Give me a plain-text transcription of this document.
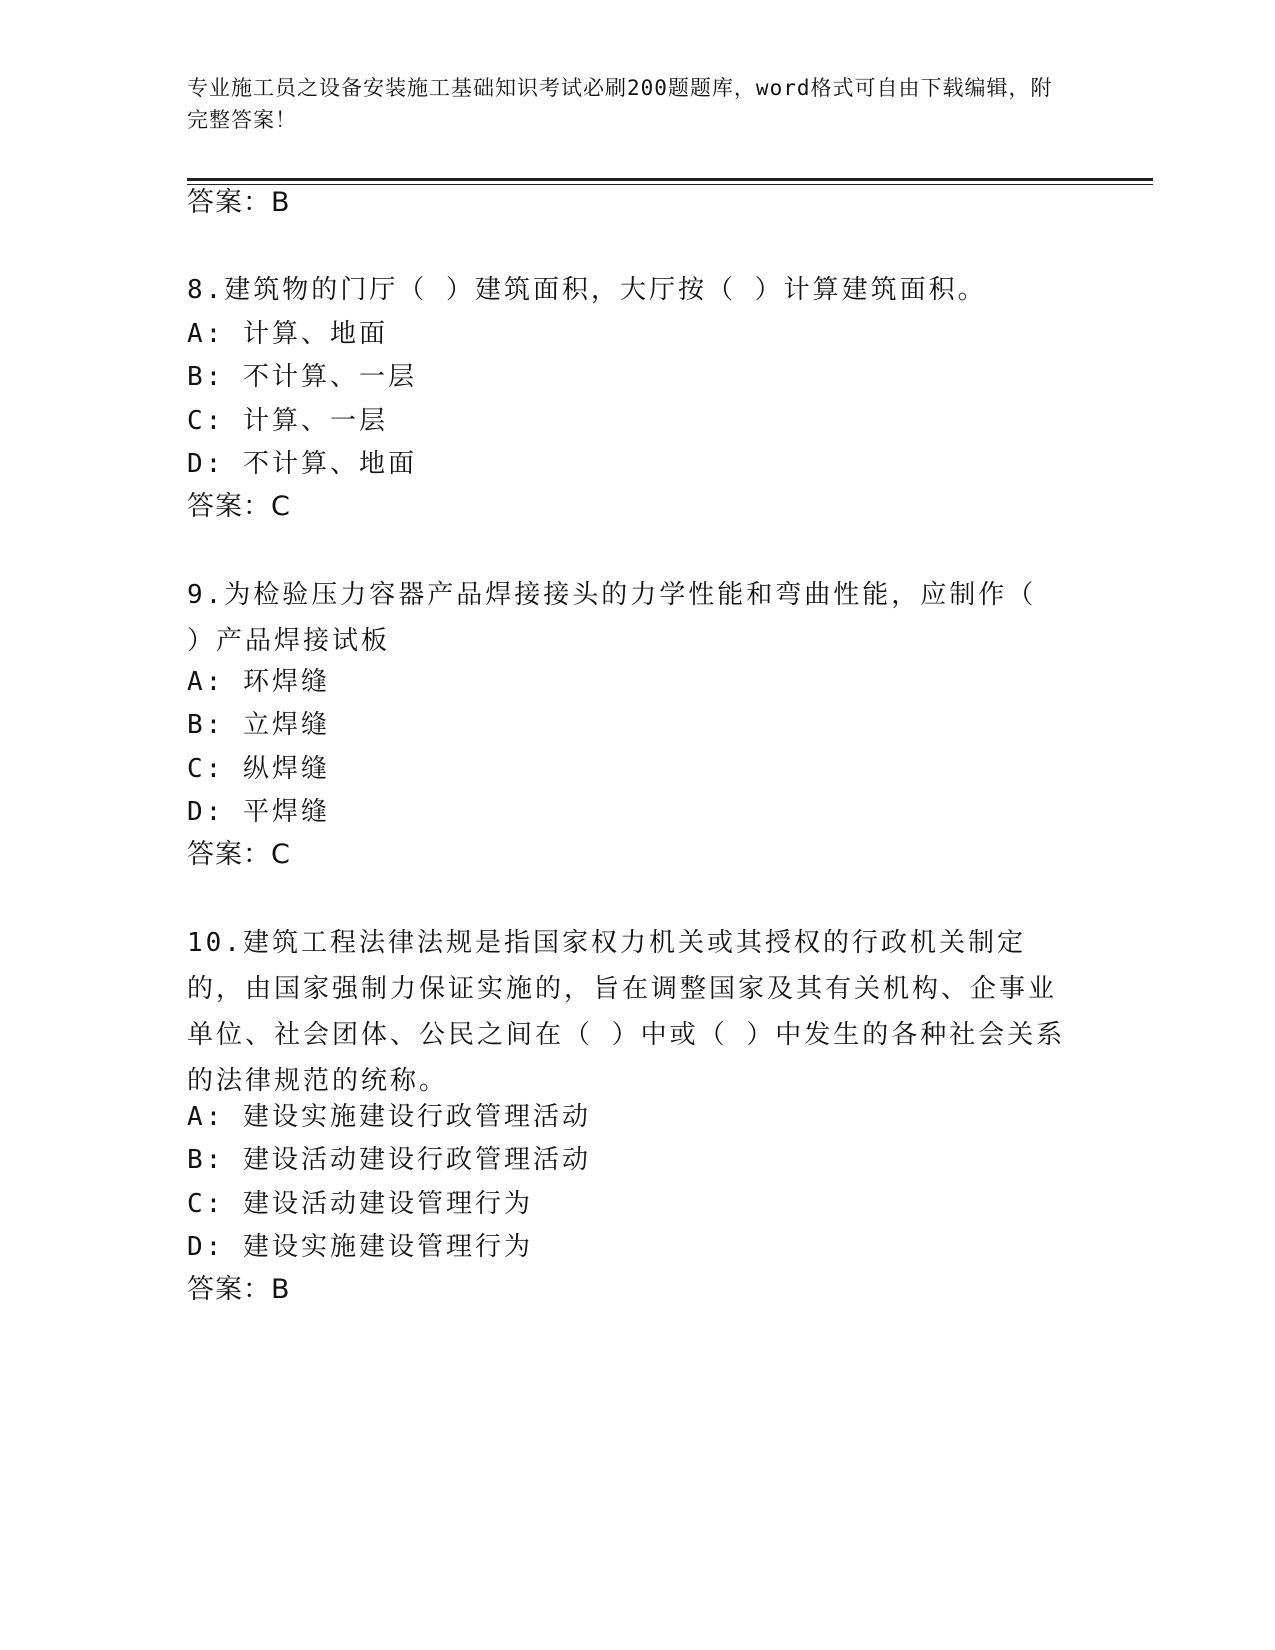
专业施工员之设备安装施工基础知识考试必刷200题题库，word格式可自由下载编辑，附完整答案！
答案：B
8.建筑物的门厅（ ）建筑面积，大厅按（ ）计算建筑面积。
A: 计算、地面
B: 不计算、一层
C: 计算、一层
D: 不计算、地面
答案：C
9.为检验压力容器产品焊接接头的力学性能和弯曲性能，应制作（ ）产品焊接试板
A: 环焊缝
B: 立焊缝
C: 纵焊缝
D: 平焊缝
答案：C
10.建筑工程法律法规是指国家权力机关或其授权的行政机关制定的，由国家强制力保证实施的，旨在调整国家及其有关机构、企事业单位、社会团体、公民之间在（ ）中或（ ）中发生的各种社会关系的法律规范的统称。
A: 建设实施建设行政管理活动
B: 建设活动建设行政管理活动
C: 建设活动建设管理行为
D: 建设实施建设管理行为
答案：B
